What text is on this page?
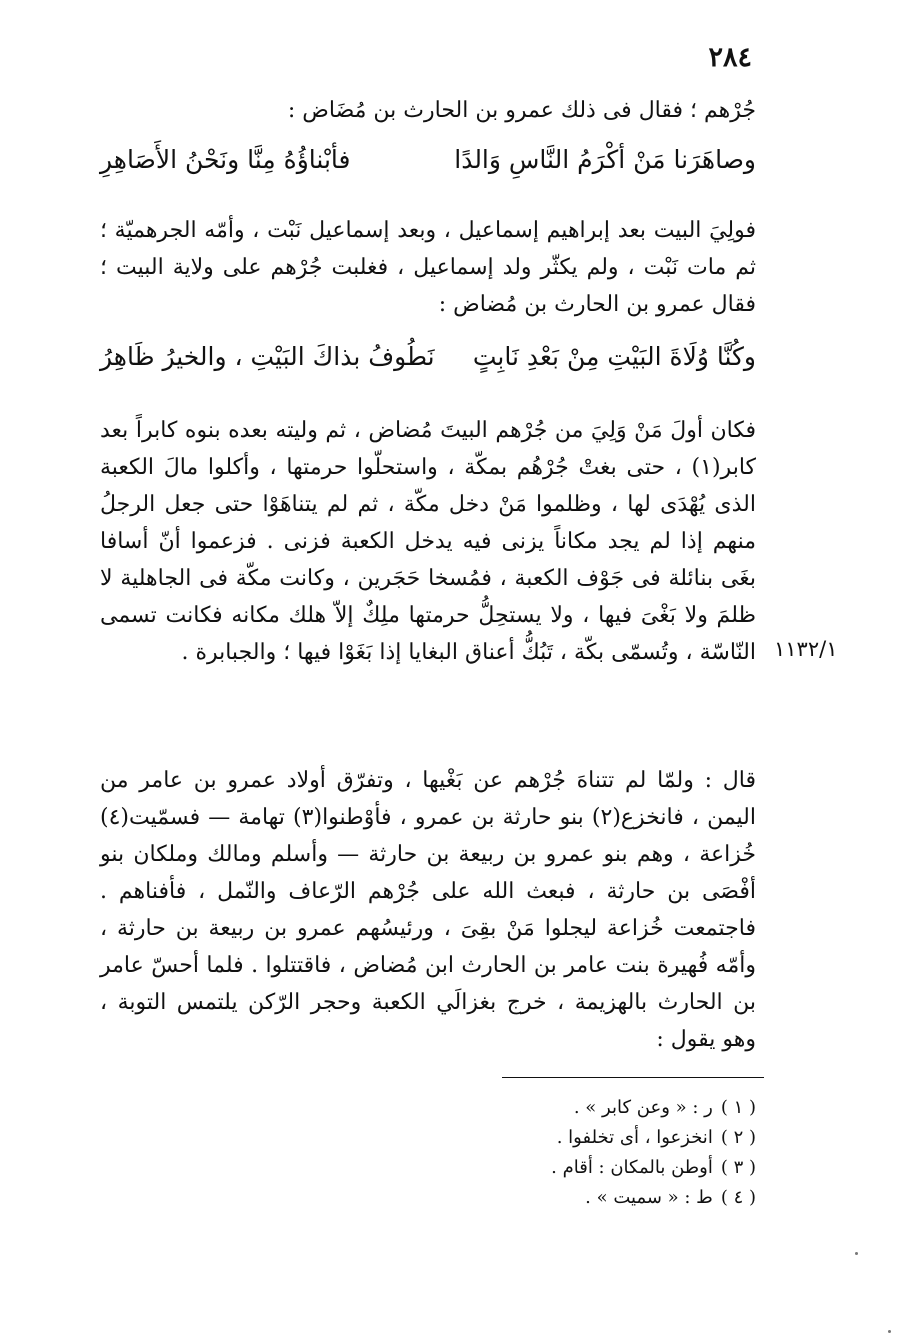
٢٨٤
جُرْهم ؛ فقال فى ذلك عمرو بن الحارث بن مُضَاض :
وصاهَرَنا مَنْ أكْرَمُ النَّاسِ وَالدًا
فأبْناؤُهُ مِنَّا ونَحْنُ الأَصَاهِرِ
فولِيَ البيت بعد إبراهيم إسماعيل ، وبعد إسماعيل نَبْت ، وأمّه الجرهميّة ؛ ثم مات نَبْت ، ولم يكثّر ولد إسماعيل ، فغلبت جُرْهم على ولاية البيت ؛ فقال عمرو بن الحارث بن مُضاض :
وكُنَّا وُلَاةَ البَيْتِ مِنْ بَعْدِ نَابِتٍ
نَطُوفُ بذاكَ البَيْتِ ، والخيرُ ظَاهِرُ
فكان أولَ مَنْ وَلِيَ من جُرْهم البيتَ مُضاض ، ثم وليته بعده بنوه كابراً بعد كابر(١) ، حتى بغتْ جُرْهُم بمكّة ، واستحلّوا حرمتها ، وأكلوا مالَ الكعبة الذى يُهْدَى لها ، وظلموا مَنْ دخل مكّة ، ثم لم يتناهَوْا حتى جعل الرجلُ منهم إذا لم يجد مكاناً يزنى فيه يدخل الكعبة فزنى . فزعموا أنّ أسافا بغَى بنائلة فى جَوْف الكعبة ، فمُسخا حَجَرين ، وكانت مكّة فى الجاهلية لا ظلمَ ولا بَغْىَ فيها ، ولا يستحِلُّ حرمتها ملِكٌ إلاّ هلك مكانه فكانت تسمى النّاسّة ، وتُسمّى بكّة ، تَبُكُّ أعناق البغايا إذا بَغَوْا فيها ؛ والجبابرة . ١١٣٢/١
قال : ولمّا لم تتناهَ جُرْهم عن بَغْيها ، وتفرّق أولاد عمرو بن عامر من اليمن ، فانخزع(٢) بنو حارثة بن عمرو ، فأوْطنوا(٣) تهامة — فسمّيت(٤) خُزاعة ، وهم بنو عمرو بن ربيعة بن حارثة — وأسلم ومالك وملكان بنو أفْصَى بن حارثة ، فبعث الله على جُرْهم الرّعاف والنّمل ، فأفناهم . فاجتمعت خُزاعة ليجلوا مَنْ بقِىَ ، ورئيسُهم عمرو بن ربيعة بن حارثة ، وأمّه فُهيرة بنت عامر بن الحارث ابن مُضاض ، فاقتتلوا . فلما أحسّ عامر بن الحارث بالهزيمة ، خرج بغزالَي الكعبة وحجر الرّكن يلتمس التوبة ، وهو يقول :
( ١ )ر : « وعن كابر » .
( ٢ )انخزعوا ، أى تخلفوا .
( ٣ )أوطن بالمكان : أقام .
( ٤ )ط : « سميت » .
